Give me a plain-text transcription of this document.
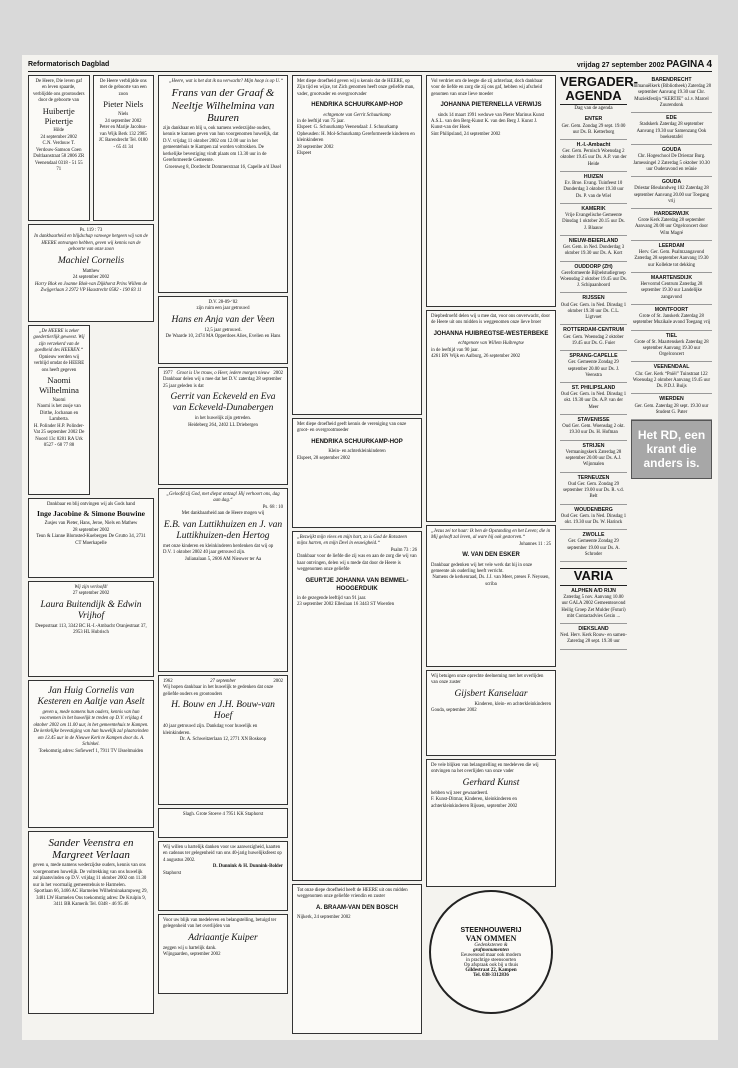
Reformatorisch Dagblad	vrijdag 27 september 2002 PAGINA 4
De Heere, Die leven gaf en leven spaarde, verblijdde ons grootouders door de geboorte van
Huibertje Pietertje
Hilde
24 september 2002
C.N. Verdouw T. Verdouw-Samson Coen Doltlaanstraat 58 2806 ZR Veenendaal 0318 - 51 55 71
De Heere verblijdde ons met de geboorte van een zoon
Pieter Niels
Niels
24 september 2002
Peter en Marije Jacobus-van Wijk Berk 132 2985 JC Barendrecht Tel. 0180 - 65 41 34
Ps. 119 : 73
In dankbaarheid en blijdschap vanwege hetgeen wij van de HEERE ontvangen hebben, geven wij kennis van de geboorte van onze zoon
Machiel Cornelis
Matthew
24 september 2002
Harry Blok en Joanne Blok-van Dijkhorst Prins Willem de Zwijgerlaan 3 2972 VP Haastrecht 0582 - 190 83 11
„De HEERE is zeker goedertierlijk geweest. Wij zijn verzekerd van de goedheid des HEEREN.“
Opnieuw werden wij verblijd omdat de HEERE ons heeft gegeven
Naomi Wilhelmina
Naomi
Naomi is het zusje van Dirthe, Jochanan en Lamberta.
H. Polinder H.P. Polinder-Vat 25 september 2002 De Noord 13c 8281 RA Urk 0527 - 68 77 88
Dankbaar en blij ontvingen wij als Gods hand
Inge Jacobine & Simone Bouwine
Zusjes van Pieter, Hans, Jeroe, Niels en Mathew
28 september 2002
Teun & Lianne Blomsted-Kuebergen De Grutto 34, 2731 CT Moerkapelle
Wij zijn verloofd!
27 september 2002
Laura Buitendijk & Edwin Vrijhof
Deepsstraat 113, 3342 BC H.-I.-Ambacht Oranjestraat 37, 2953 HL Hubrisch
Jan Huig Cornelis van Kesteren en Aaltje van Aselt
geven u, mede namens hun ouders, kennis van hun voornemen in het huwelijk te treden op D.V. vrijdag 4 oktober 2002 om 11.00 uur, in het gemeentehuis te Kampen. De kerkelijke bevestiging van hun huwelijk zal plaatsvinden om 13.45 uur in de Nieuwe Kerk te Kampen door ds. A. Schinkel.
Toekomstig adres: Sofiewerf 1, 7911 TV IJsselmuiden
Sander Veenstra en Margreet Verlaan
geven u, mede namens wederzijdse ouders, kennis van ons voorgenomen huwelijk. De voltrekking van ons huwelijk zal plaatsvinden op D.V. vrijdag 11 oktober 2002 om 11.30 uur in het voormalig gemeentehuis te Harmelen.
Sportlaan 66, 3466 AC Harmelen Wilhelminakampweg 29, 3481 LW Harmelen Ons toekomstig adres: De Kruipin 9, 3411 BR Kamerik Tel. 0348 - 46 95 46
„Heere, wat is het dat ik nu verwacht? Mijn hoop is op U.“
Frans van der Graaf & Neeltje Wilhelmina van Buuren
zijn dankbaar en blij u, ook namens wederzijdse ouders, kennis te kunnen geven van hun voorgenomen huwelijk, dat D.V. vrijdag 11 oktober 2002 om 12.00 uur in het gemeentehuis te Kampen zal worden voltrokken. De kerkelijke bevestiging vindt plaats om 13.30 uur in de Gereformeerde Gemeente.
Groenweg 8, Dordrecht Dommerstraat 16, Capelle a/d IJssel
D.V. 28-09-‘02
zijn ruim een jaar getrouwd
Hans en Anja van der Veen
12,5 jaar getrouwd.
De Waarde 10, 2474 MA Opperdoes Alies, Evelien en Hans
1977 Groot is Uw trouw, o Heer, iedere morgen nieuw 2002
Dankbaar delen wij u mee dat het D.V. zaterdag 28 september 25 jaar geleden is dat
Gerrit van Eckeveld en Eva van Eckeveld-Dunabergen
in het huwelijk zijn getreden.
Heideberg 264, 2402 LL Driebergen
„Geloofd zij God, met diepst ontzag! Hij verhoort ons, dag aan dag.“
Ps. 68 : 10
Met dankbaarheid aan de Heere mogen wij
E.B. van Luttikhuizen en J. van Luttikhuizen-den Hertog
met onze kinderen en kleinkinderen herdenken dat wij op D.V. 1 oktober 2002 40 jaar getrouwd zijn.
Julianalaan 5, 2606 AM Nieuwer ter Aa
1962	27 september	2002
Wij hopen dankbaar in het huwelijk te gedenken dat onze geliefde ouders en grootouders
H. Bouw en J.H. Bouw-van Hoef
40 jaar getrouwd zijn. Dankdag voor huwelijk en kleinkinderen.
Dr. A. Schweitzerlaan 12, 2771 XN Boskoop
Slagh. Grote Stoeve 4 7951 KK Staphorst
Wij willen u hartelijk danken voor uw aanwezigheid, kaarten en cadeaus ter gelegenheid van ons 40-jarig huwelijksfeest op 4 augustus 2002.
D. Dunnink & H. Dunnink-Bolder
Staphorst
Voor uw blijk van medeleven en belangstelling, betuigd ter gelegenheid van het overlijden van
Adriaantje Kuiper
zeggen wij u hartelijk dank.
Wijngaarden, september 2002
Met diepe droefheid geven wij u kennis dat de HEERE, op Zijn tijd en wijze, tot Zich genomen heeft onze geliefde man, vader, grootvader en overgrootvader
HENDRIKA SCHUURKAMP-HOP
echtgenote van Gerrit Schuurkamp
in de leeftijd van 75 jaar.
Elspeet: G. Schuurkamp Veenendaal: J. Schuurkamp Opheusden: H. Mol-Schuurkamp Gereformeerde kinderen en kleinkinderen
28 september 2002
Elspeet
Met diepe droefheid geeft kennis de vereniging van onze groot- en overgrootmoeder
HENDRIKA SCHUURKAMP-HOP
Klein- en achterkleinkinderen
Elspeet, 28 september 2002
„Bezwijkt mijn vlees en mijn hart, zo is God de Rotssteen mijns harten, en mijn Deel in eeuwigheid.“
Psalm 73 : 26
Dankbaar voor de liefde die zij was en aan de zorg die wij van haar ontvingen, delen wij u mede dat door de Heere is weggenomen onze geliefde
GEURTJE JOHANNA VAN BEMMEL-HOOGERDUIK
in de gezegende leeftijd van 91 jaar.
23 september 2002 Elleslaan 16 3443 ST Woerden
Tot onze diepe droefheid heeft de HEERE uit ons midden weggenomen onze geliefde vriendin en zuster
A. BRAAM-VAN DEN BOSCH
Nijkerk, 24 september 2002
Vol verdriet om de leegte die zij achterlaat, doch dankbaar voor de liefde en zorg die zij ons gaf, hebben wij afscheid genomen van onze lieve moeder
JOHANNA PIETERNELLA VERWIJS
sinds 14 maart 1991 weduwe van Pieter Marinus Kunst
A.S.L. van den Berg-Kunst K. van den Berg J. Kunst J. Kunst-van der Hoek
Sint Philipsland, 24 september 2002
Diepbedroefd delen wij u mee dat, voor ons onverwacht, door de Heere uit ons midden is weggenomen onze lieve broer
JOHANNA HUIBREGTSE-WESTERBEKE
echtgenote van Willem Huibregtse
in de leeftijd van 90 jaar.
4261 BN Wijk en Aalburg, 26 september 2002
„Jezus zei tot haar: Ik ben de Opstanding en het Leven; die in Mij gelooft zal leven, al ware hij ook gestorven.“
Johannes 11 : 25
W. VAN DEN ESKER
Dankbaar gedenken wij het vele werk dat hij in onze gemeente als ouderling heeft verricht.
Namens de kerkenraad, Ds. J.J. van Meer, preses F. Neyssen, scriba
Wij betuigen onze oprechte deelneming met het overlijden van onze zuster
Gijsbert Kanselaar
Kinderen, klein- en achterkleinkinderen
Gouda, september 2002
De vele blijken van belangstelling en medeleven die wij ontvingen na het overlijden van onze vader
Gerhard Kunst
hebben wij zeer gewaardeerd.
F. Kunst-Ditmar, Kinderen, kleinkinderen en achterkleinkinderen Rijssen, september 2002
STEENHOUWERIJ
VAN OMMEN
Gedenkstenen &
grafmonumenten
Eeuwenoud maar ook modern
in prachtige steensoorten
Op afspraak ook bij u thuis
Gildestraat 22, Kampen
Tel. 038-3312836
VERGADER-AGENDA
Dag van de agenda
ENTER
Ger. Gem. Zondag 29 sept. 19.00 uur Ds. B. Ketterborg
H.-I.-Ambacht
Ger. Gem. Pernisch Woensdag 2 oktober 19.45 uur Ds. A.P. van der Heide
HUIZEN
Ev. Broe. Evang. Tuinfeest 10 Donderdag 3 oktober 19.30 uur Ds. P. van de Wiel
KAMERIK
Vrije Evangelische Gemeente Dinsdag 1 oktober 20.15 uur Ds. J. Blaauw
NIEUW-BEIERLAND
Ger. Gem. in Ned. Donderdag 3 oktober 19.30 uur Ds. A. Kort
OUDDORP (ZH)
Gereformeerde Bijbelstudiegroep Woensdag 2 oktober 19.45 uur Ds. J. Schipaanboord
RIJSSEN
Oud Ger. Gem. in Ned. Dinsdag 1 oktober 19.30 uur Ds. C.L. Ligtvoet
ROTTERDAM-CENTRUM
Ger. Gem. Woensdag 2 oktober 19.45 uur Ds. G. Fuier
SPRANG-CAPELLE
Ger. Gemeente Zondag 29 september 20.00 uur Ds. J. Veenstra
ST. PHILIPSLAND
Oud Ger. Gem. in Ned. Dinsdag 1 okt. 19.30 uur Ds. A.P. van der Meer
STAVENISSE
Oud Ger. Gem. Woensdag 2 okt. 19.30 uur Ds. H. Hofman
STRIJEN
Vermaningskerk Zaterdag 28 september 20.00 uur Ds. A.J. Wijnmalen
TERNEUZEN
Oud Ger. Gem. Zondag 29 september 19.00 uur Ds. R. v.d. Belt
WOUDENBERG
Oud Ger. Gem. in Ned. Dinsdag 1 okt. 19.30 uur Ds. W. Harinck
ZWOLLE
Ger. Gemeente Zondag 29 september 19.00 uur Ds. A. Schroder
VARIA
ALPHEN A/D RIJN
Zaterdag 5 nov. Aanvang 10.00 uur GALA 2002 Gemeenteavond Heilig Groep Zet Mulder (Futuri) mbt Contactadvies Gezin ...
DIEKSLAND
Ned. Herv. Kerk Rouw- en samen- Zaterdag 28 sept. 19.30 uur
BARENDRECHT
Immanuëlkerk (Bibliotheek) Zaterdag 28 september Aanvang 19.30 uur Chr. Muziekfestijn “KERTJE” o.l.v. Marcel Zuurendonk
EDE
Stadskerk Zaterdag 28 september Aanvang 19.30 uur Samenzang Ook boekentafel
GOUDA
Chr. Hogeschool De Driestar Burg. Jamessingel 2 Zaterdag 5 oktober 10.30 uur Ouderavond en reünie
GOUDA
Driestar Bleulandweg 102 Zaterdag 28 september Aanvang 20.00 uur Toegang vrij
HARDERWIJK
Grote Kerk Zaterdag 28 september Aanvang 20.00 uur Orgelconcert door Wim Magré
LEERDAM
Herv. Ger. Gem. Psalmzangavond Zaterdag 28 september Aanvang 19.30 uur Kollekte tot dekking
MAARTENSDIJK
Hervormd Centrum Zaterdag 28 september 19.30 uur Landelijke zangavond
MONTFOORT
Grote of St. Janskerk Zaterdag 28 september Muzikale avond Toegang vrij
TIEL
Grote of St. Maartenskerk Zaterdag 28 september Aanvang 19.30 uur Orgelconcert
VEENENDAAL
Chr. Ger. Kerk “Pniël” Tuinstraat 122 Woensdag 2 oktober Aanvang 19.45 uur Ds. P.D.J. Buijs
WIERDEN
Ger. Gem. Zaterdag 28 sept. 19.30 uur Student G. Pater
Het RD, een krant die anders is.
